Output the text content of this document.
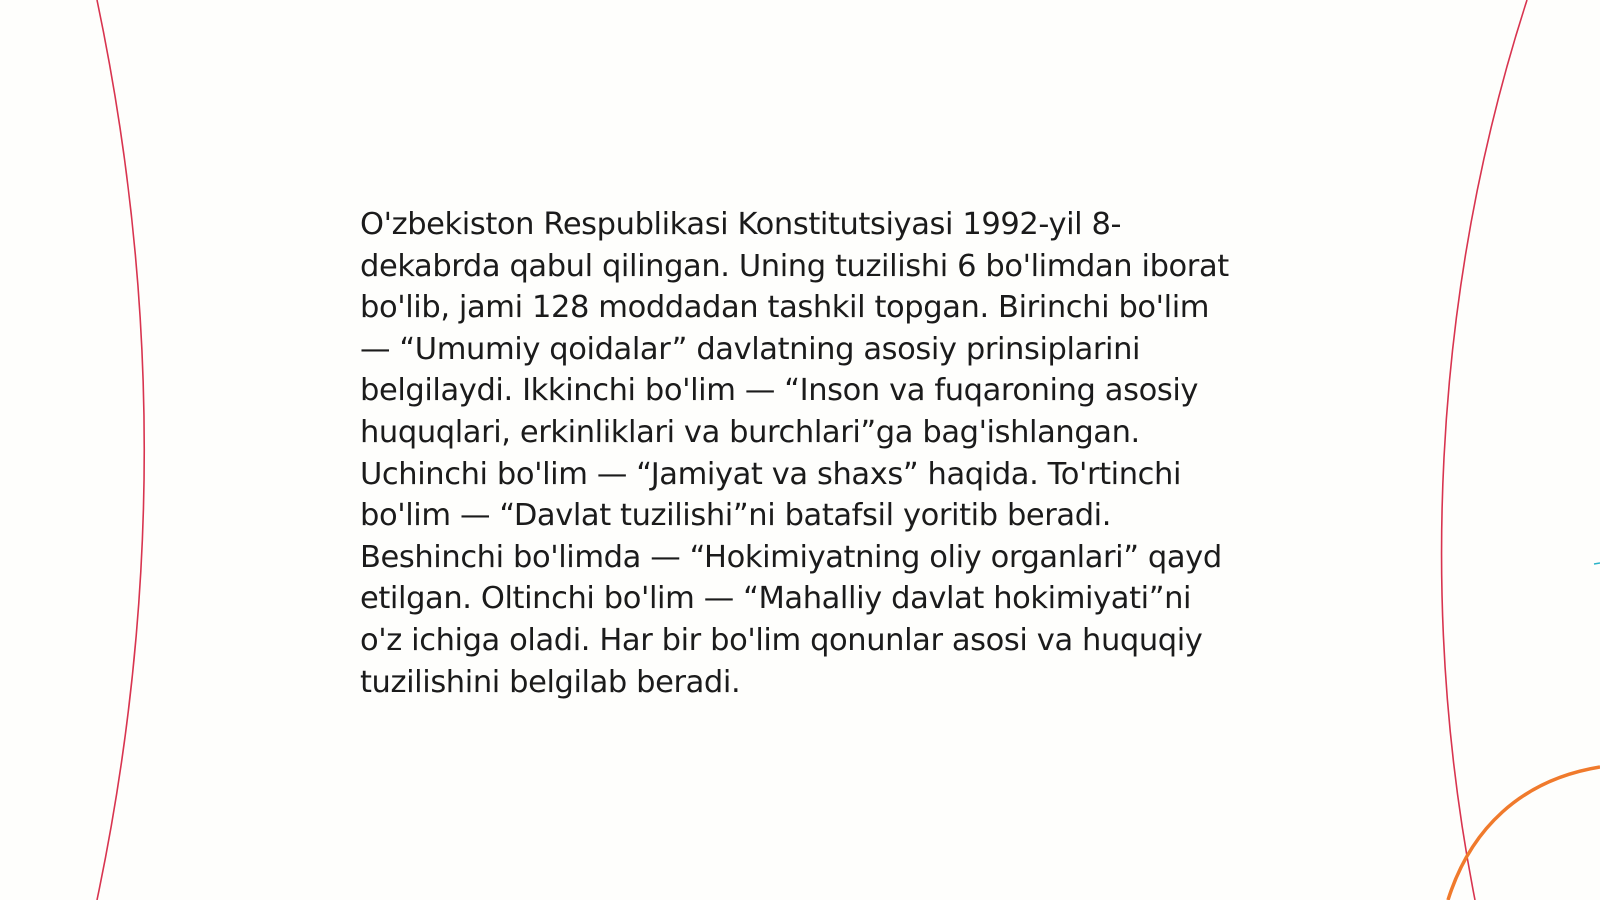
O'zbekiston Respublikasi Konstitutsiyasi 1992-yil 8-dekabrda qabul qilingan. Uning tuzilishi 6 bo'limdan iborat bo'lib, jami 128 moddadan tashkil topgan. Birinchi bo'lim — “Umumiy qoidalar” davlatning asosiy prinsiplarini belgilaydi. Ikkinchi bo'lim — “Inson va fuqaroning asosiy huquqlari, erkinliklari va burchlari”ga bag'ishlangan. Uchinchi bo'lim — “Jamiyat va shaxs” haqida. To'rtinchi bo'lim — “Davlat tuzilishi”ni batafsil yoritib beradi. Beshinchi bo'limda — “Hokimiyatning oliy organlari” qayd etilgan. Oltinchi bo'lim — “Mahalliy davlat hokimiyati”ni o'z ichiga oladi. Har bir bo'lim qonunlar asosi va huquqiy tuzilishini belgilab beradi.
